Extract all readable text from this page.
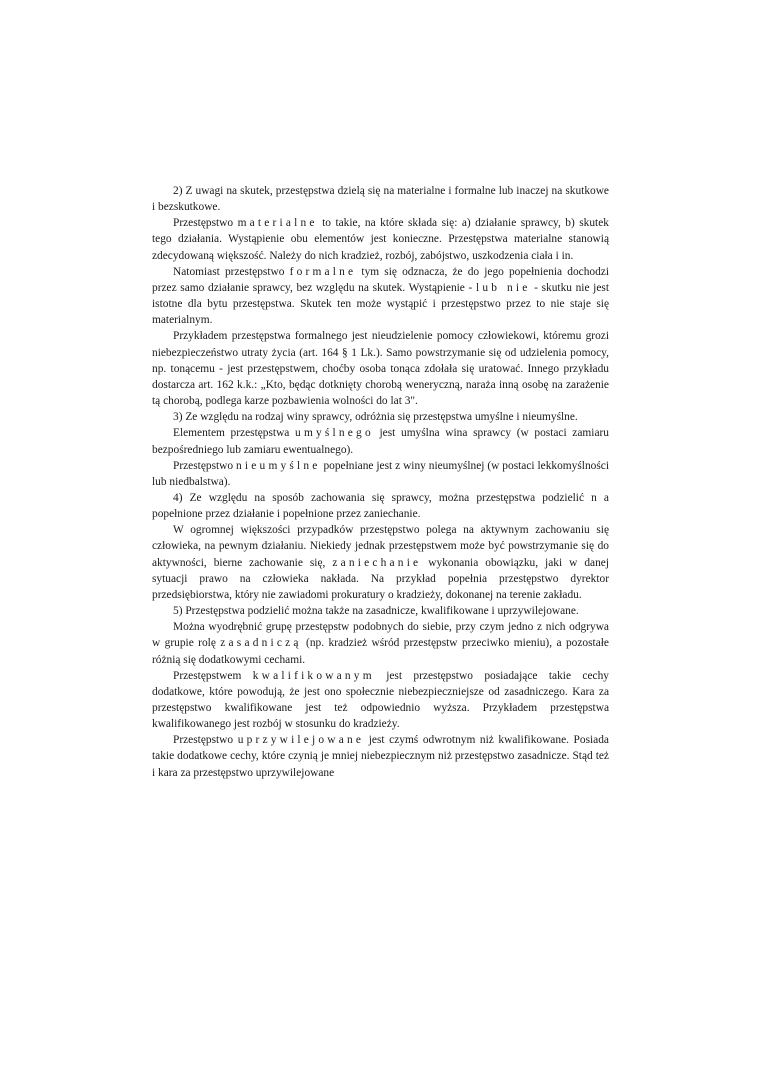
2) Z uwagi na skutek, przestępstwa dzielą się na materialne i formalne lub inaczej na skutkowe i bezskutkowe.

Przestępstwo materialne to takie, na które składa się: a) działanie sprawcy, b) skutek tego działania. Wystąpienie obu elementów jest konieczne. Przestępstwa materialne stanowią zdecydowaną większość. Należy do nich kradzież, rozbój, zabójstwo, uszkodzenia ciała i in.

Natomiast przestępstwo formalne tym się odznacza, że do jego popełnienia dochodzi przez samo działanie sprawcy, bez względu na skutek. Wystąpienie - lub nie - skutku nie jest istotne dla bytu przestępstwa. Skutek ten może wystąpić i przestępstwo przez to nie staje się materialnym.

Przykładem przestępstwa formalnego jest nieudzielenie pomocy człowiekowi, któremu grozi niebezpieczeństwo utraty życia (art. 164 § 1 Lk.). Samo powstrzymanie się od udzielenia pomocy, np. tonącemu - jest przestępstwem, choćby osoba tonąca zdołała się uratować. Innego przykładu dostarcza art. 162 k.k.: „Kto, będąc dotknięty chorobą weneryczną, naraża inną osobę na zarażenie tą chorobą, podlega karze pozbawienia wolności do lat 3".

3) Ze względu na rodzaj winy sprawcy, odróżnia się przestępstwa umyślne i nieumyślne.

Elementem przestępstwa umyślnego jest umyślna wina sprawcy (w postaci zamiaru bezpośredniego lub zamiaru ewentualnego).

Przestępstwo nieumyślne popełniane jest z winy nieumyślnej (w postaci lekkomyślności lub niedbalstwa).

4) Ze względu na sposób zachowania się sprawcy, można przestępstwa podzielić n a popełnione przez działanie i popełnione przez zaniechanie.

W ogromnej większości przypadków przestępstwo polega na aktywnym zachowaniu się człowieka, na pewnym działaniu. Niekiedy jednak przestępstwem może być powstrzymanie się do aktywności, bierne zachowanie się, zaniechanie wykonania obowiązku, jaki w danej sytuacji prawo na człowieka nakłada. Na przykład popełnia przestępstwo dyrektor przedsiębiorstwa, który nie zawiadomi prokuratury o kradzieży, dokonanej na terenie zakładu.

5) Przestępstwa podzielić można także na zasadnicze, kwalifikowane i uprzywilejowane.

Można wyodrębnić grupę przestępstw podobnych do siebie, przy czym jedno z nich odgrywa w grupie rolę zasadniczą (np. kradzież wśród przestępstw przeciwko mieniu), a pozostałe różnią się dodatkowymi cechami.

Przestępstwem kwalifikowanym jest przestępstwo posiadające takie cechy dodatkowe, które powodują, że jest ono społecznie niebezpieczniejsze od zasadniczego. Kara za przestępstwo kwalifikowane jest też odpowiednio wyższa. Przykładem przestępstwa kwalifikowanego jest rozbój w stosunku do kradzieży.

Przestępstwo uprzywilejowane jest czymś odwrotnym niż kwalifikowane. Posiada takie dodatkowe cechy, które czynią je mniej niebezpiecznym niż przestępstwo zasadnicze. Stąd też i kara za przestępstwo uprzywilejowane
